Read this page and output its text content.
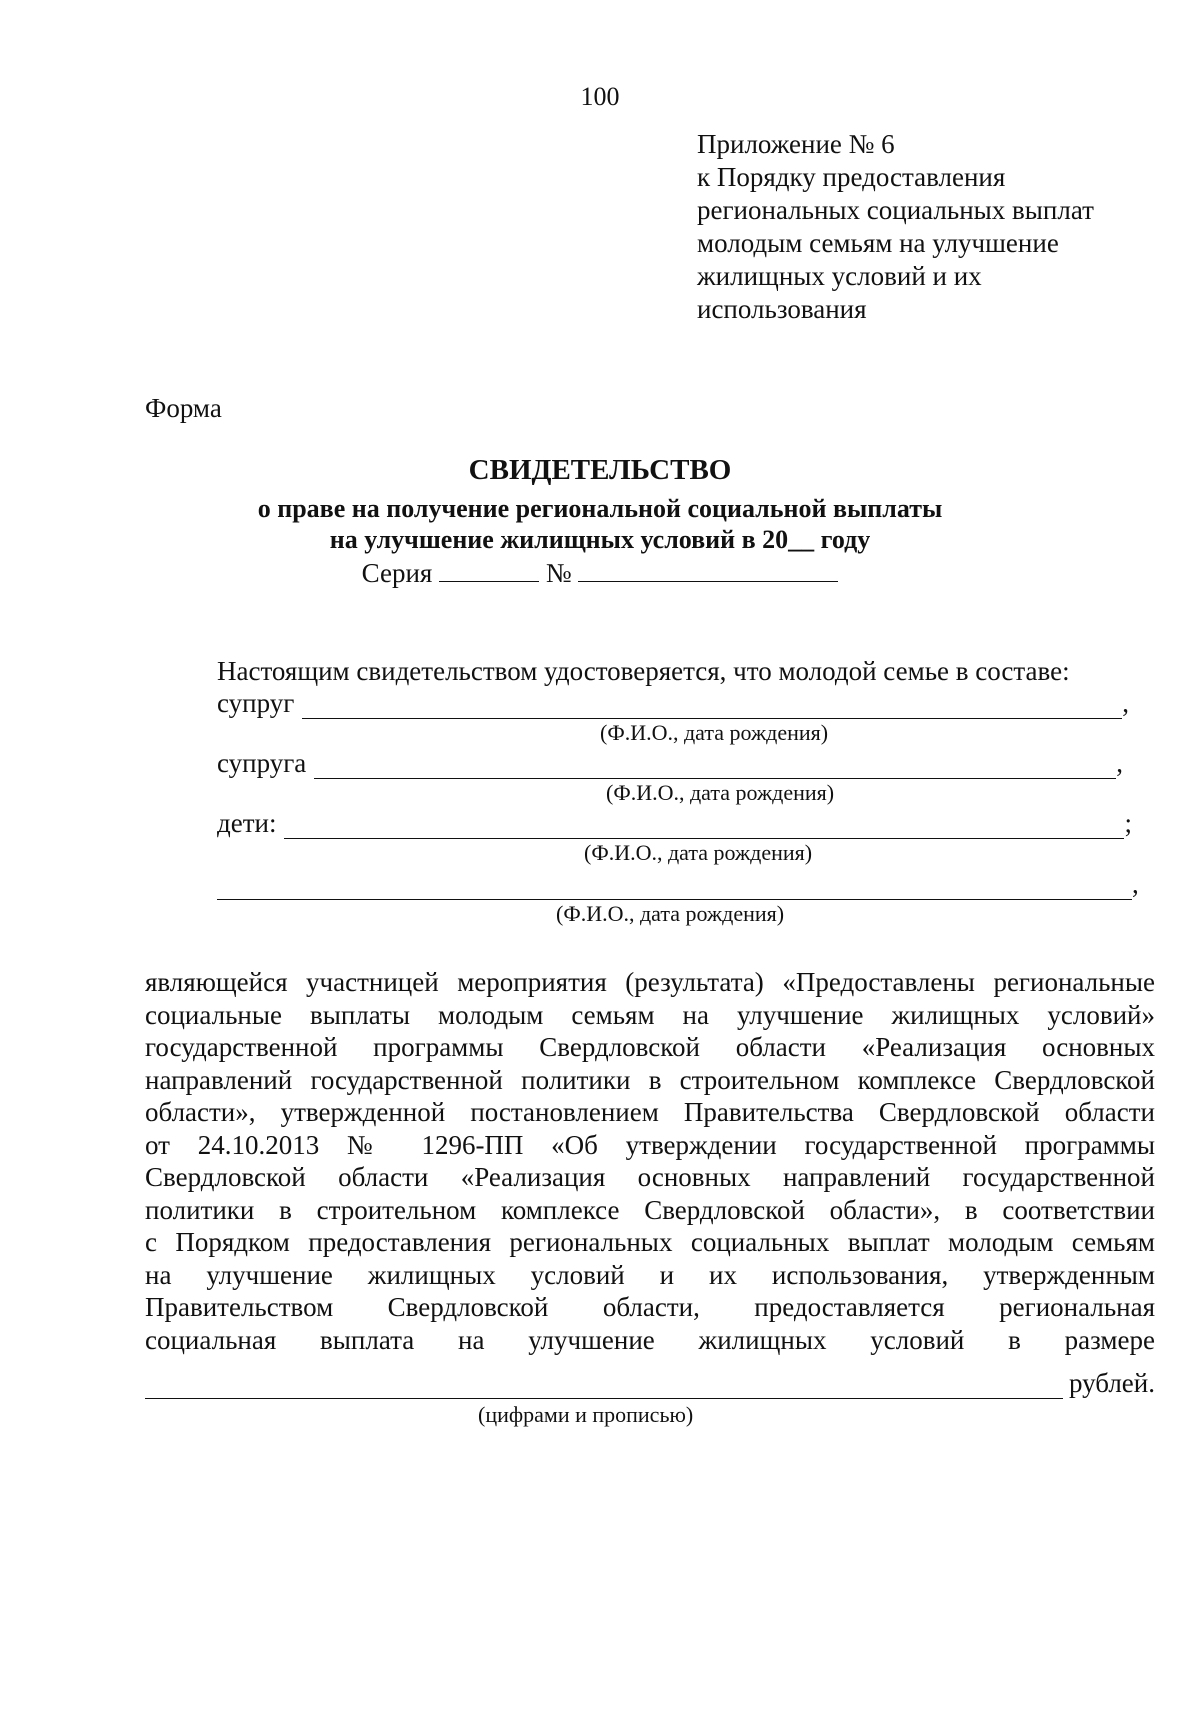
100
Приложение № 6
к Порядку предоставления
региональных социальных выплат
молодым семьям на улучшение
жилищных условий и их
использования
Форма
СВИДЕТЕЛЬСТВО
о праве на получение региональной социальной выплаты
на улучшение жилищных условий в 20__ году
Серия	№
Настоящим свидетельством удостоверяется, что молодой семье в составе:
супруг	,
(Ф.И.О., дата рождения)
супруга	,
(Ф.И.О., дата рождения)
дети:	;
(Ф.И.О., дата рождения)
,
(Ф.И.О., дата рождения)
являющейся участницей мероприятия (результата) «Предоставлены региональные
социальные выплаты молодым семьям на улучшение жилищных условий»
государственной программы Свердловской области «Реализация основных
направлений государственной политики в строительном комплексе Свердловской
области», утвержденной постановлением Правительства Свердловской области
от 24.10.2013 № 1296-ПП «Об утверждении государственной программы
Свердловской области «Реализация основных направлений государственной
политики в строительном комплексе Свердловской области», в соответствии
с Порядком предоставления региональных социальных выплат молодым семьям
на улучшение жилищных условий и их использования, утвержденным
Правительством Свердловской области, предоставляется региональная
социальная выплата на улучшение жилищных условий в размере
рублей.
(цифрами и прописью)
